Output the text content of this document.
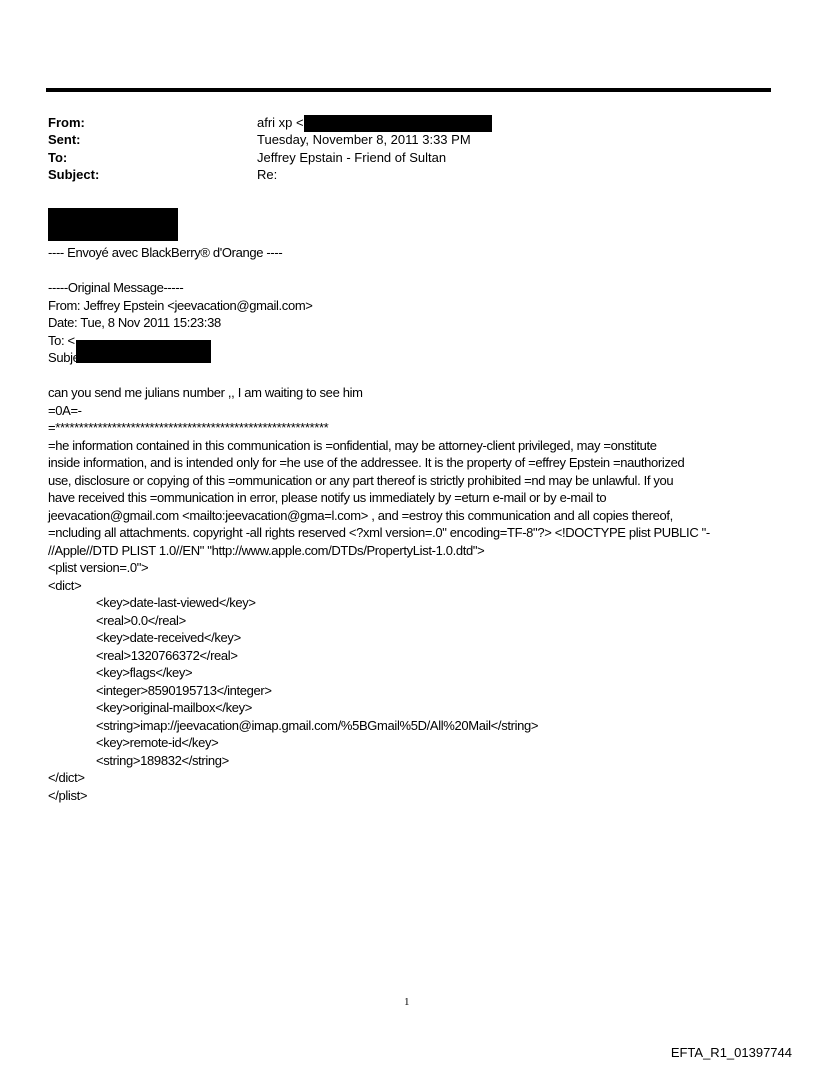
From:	afri xp <
Sent:	Tuesday, November 8, 2011 3:33 PM
To:	Jeffrey Epstain - Friend of Sultan
Subject:	Re:
---- Envoyé avec BlackBerry® d'Orange ----
-----Original Message-----
From: Jeffrey Epstein <jeevacation@gmail.com>
Date: Tue, 8 Nov 2011 15:23:38
To: <
Subject:
can you send me julians number ,, I am waiting to see him
=0A=-
=**********************************************************
=he information contained in this communication is =onfidential, may be attorney-client privileged, may =onstitute
inside information, and is intended only for =he use of the addressee. It is the property of =effrey Epstein =nauthorized
use, disclosure or copying of this =ommunication or any part thereof is strictly prohibited =nd may be unlawful. If you
have received this =ommunication in error, please notify us immediately by =eturn e-mail or by e-mail to
jeevacation@gmail.com <mailto:jeevacation@gma=l.com> , and =estroy this communication and all copies thereof,
=ncluding all attachments. copyright -all rights reserved <?xml version=.0" encoding=TF-8"?> <!DOCTYPE plist PUBLIC "-
//Apple//DTD PLIST 1.0//EN" "http://www.apple.com/DTDs/PropertyList-1.0.dtd">
<plist version=.0">
<dict>
<key>date-last-viewed</key>
<real>0.0</real>
<key>date-received</key>
<real>1320766372</real>
<key>flags</key>
<integer>8590195713</integer>
<key>original-mailbox</key>
<string>imap://jeevacation@imap.gmail.com/%5BGmail%5D/All%20Mail</string>
<key>remote-id</key>
<string>189832</string>
</dict>
</plist>
1
EFTA_R1_01397744
